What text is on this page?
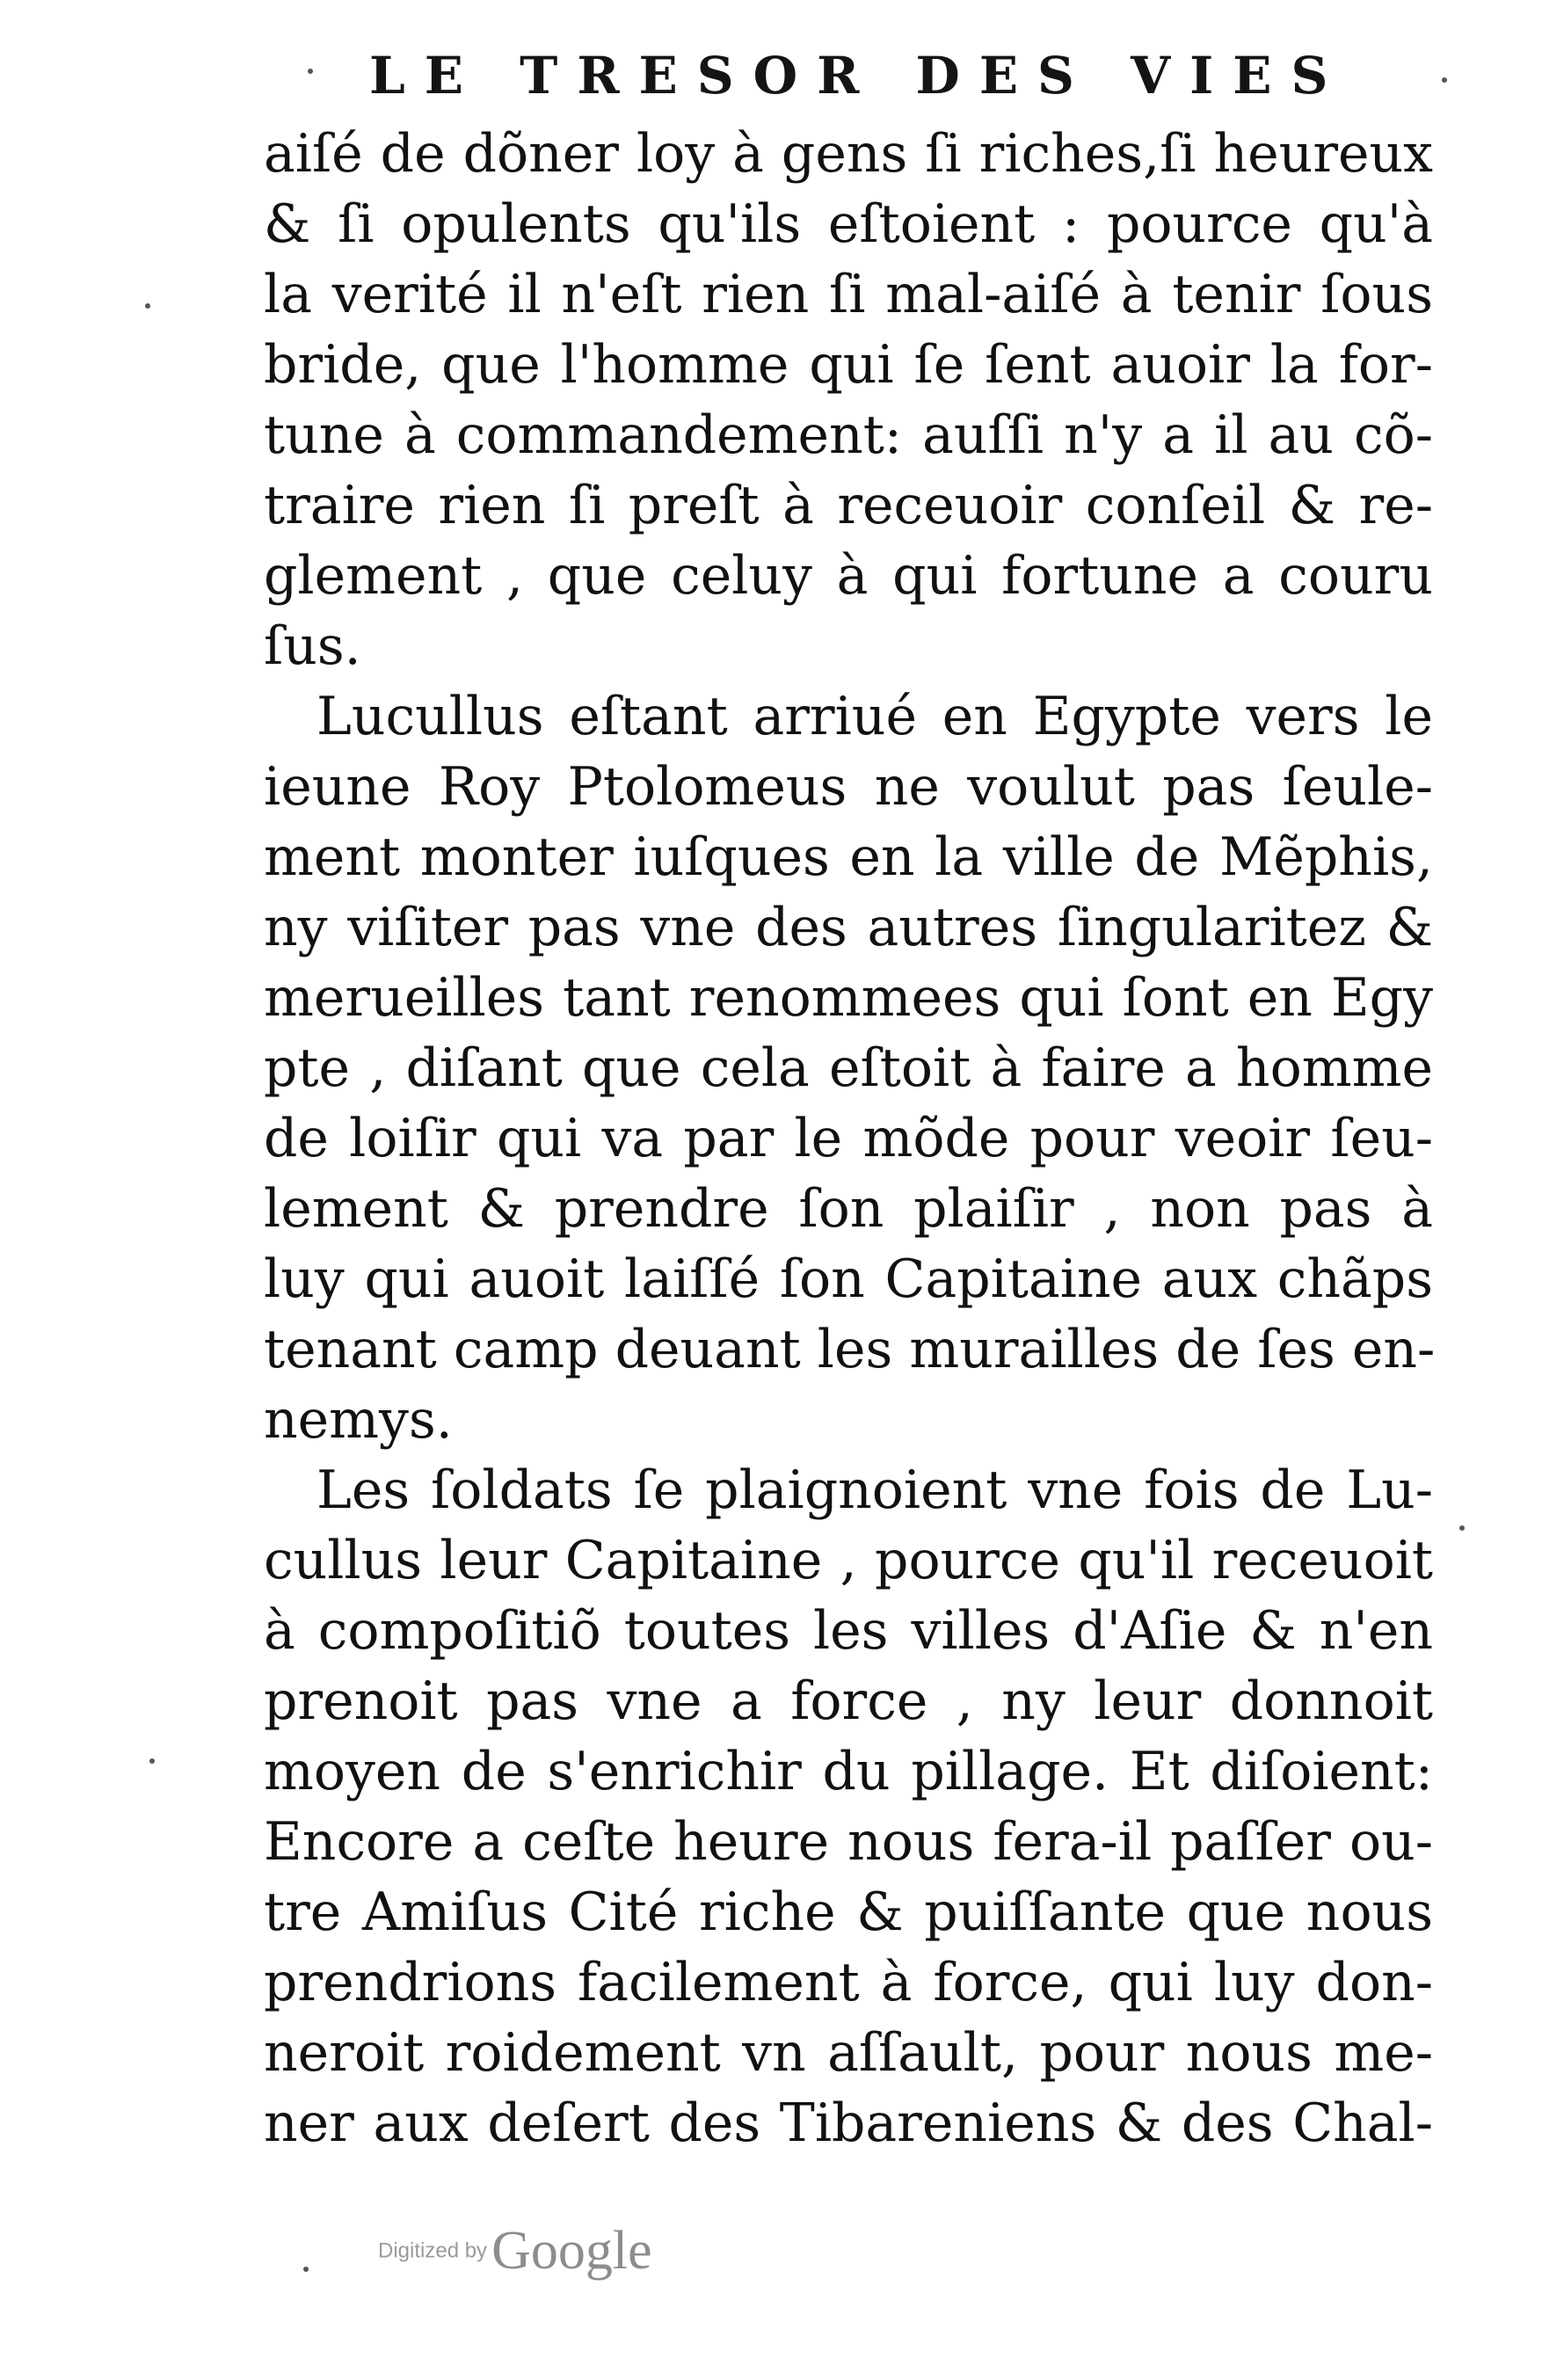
LE TRESOR DES VIES
aiſé de dõner loy à gens ſi riches,ſi heureux
& ſi opulents qu'ils eſtoient : pource qu'à
la verité il n'eſt rien ſi mal-aiſé à tenir ſous
bride, que l'homme qui ſe ſent auoir la for-
tune à commandement: auſſi n'y a il au cõ-
traire rien ſi preſt à receuoir conſeil & re-
glement , que celuy à qui fortune a couru
ſus.
Lucullus eſtant arriué en Egypte vers le
ieune Roy Ptolomeus ne voulut pas ſeule-
ment monter iuſques en la ville de Mẽphis,
ny viſiter pas vne des autres ſingularitez &
merueilles tant renommees qui ſont en Egy
pte , diſant que cela eſtoit à faire a homme
de loiſir qui va par le mõde pour veoir ſeu-
lement & prendre ſon plaiſir , non pas à
luy qui auoit laiſſé ſon Capitaine aux chãps
tenant camp deuant les murailles de ſes en-
nemys.
Les ſoldats ſe plaignoient vne fois de Lu-
cullus leur Capitaine , pource qu'il receuoit
à compoſitiõ toutes les villes d'Aſie & n'en
prenoit pas vne a force , ny leur donnoit
moyen de s'enrichir du pillage. Et diſoient:
Encore a ceſte heure nous fera-il paſſer ou-
tre Amiſus Cité riche & puiſſante que nous
prendrions facilement à force, qui luy don-
neroit roidement vn aſſault, pour nous me-
ner aux deſert des Tibareniens & des Chal-
Digitized by Google
